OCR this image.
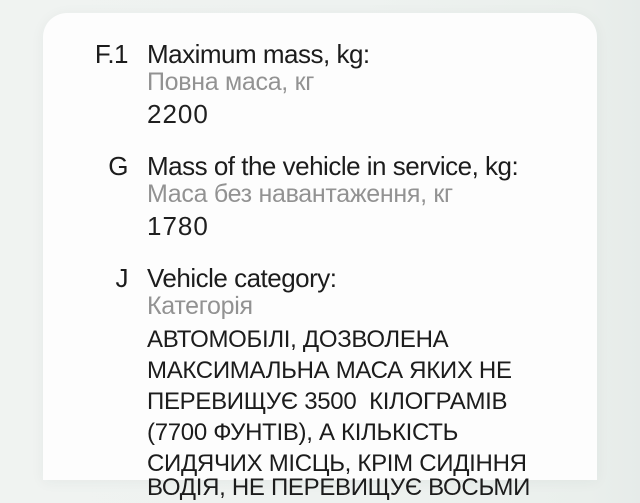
F.1 Maximum mass, kg:
Повна маса, кг
2200
G Mass of the vehicle in service, kg:
Маса без навантаження, кг
1780
J Vehicle category:
Категорія
АВТОМОБІЛІ, ДОЗВОЛЕНА
МАКСИМАЛЬНА МАСА ЯКИХ НЕ
ПЕРЕВИЩУЄ 3500  КІЛОГРАМІВ
(7700 ФУНТІВ), А КІЛЬКІСТЬ
СИДЯЧИХ МІСЦЬ, КРІМ СИДІННЯ
ВОДІЯ, НЕ ПЕРЕВИЩУЄ ВОСЬМИ
